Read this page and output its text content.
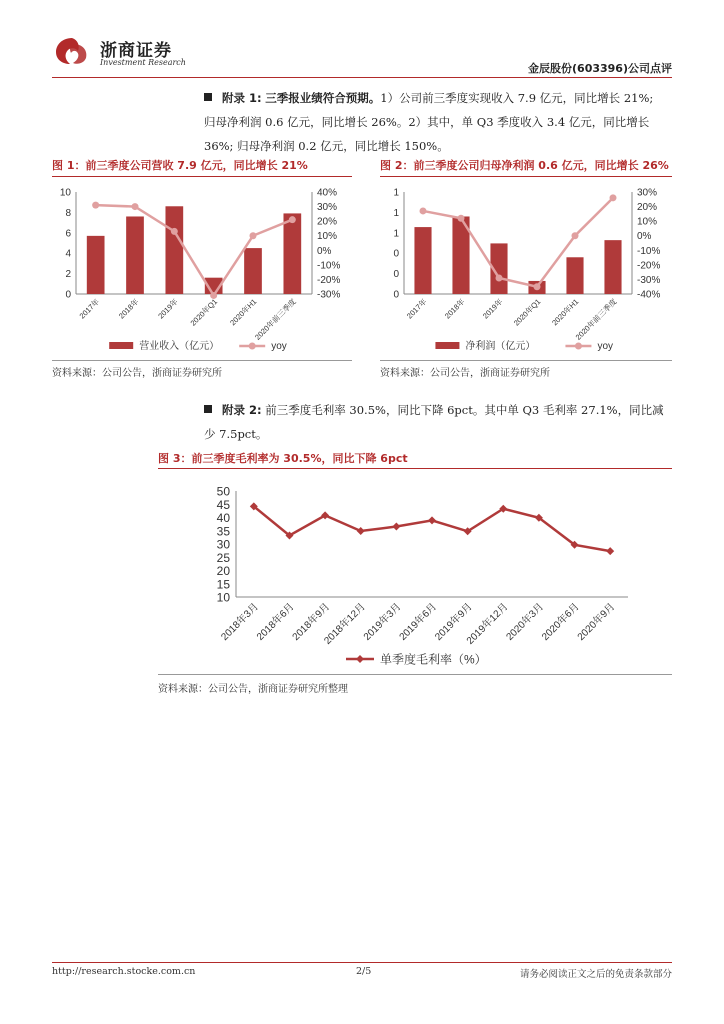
浙商证券
Investment Research	金辰股份(603396)公司点评
附录 1: 三季报业绩符合预期。1）公司前三季度实现收入 7.9 亿元，同比增长 21%;
归母净利润 0.6 亿元，同比增长 26%。2）其中，单 Q3 季度收入 3.4 亿元，同比增长
36%; 归母净利润 0.2 亿元，同比增长 150%。
图 1：前三季度公司营收 7.9 亿元，同比增长 21%
0
2
4
6
8
10
-30%
-20%
-10%
0%
10%
20%
30%
40%
2017年 2018年 2019年 2020年Q1 2020年H1
2020年前三季度
营业收入（亿元）	yoy
资料来源：公司公告，浙商证券研究所
图 2：前三季度公司归母净利润 0.6 亿元，同比增长 26%
0
0
0
1
1
1
-40%
-30%
-20%
-10%
0%
10%
20%
30%
2017年 2018年 2019年 2020年Q1 2020年H1
2020年前三季度
净利润（亿元）	yoy
资料来源：公司公告，浙商证券研究所
附录 2: 前三季度毛利率 30.5%，同比下降 6pct。其中单 Q3 毛利率 27.1%，同比减
少 7.5pct。
图 3：前三季度毛利率为 30.5%，同比下降 6pct
10
15
20
25
30
35
40
45
50
2018年3月
2018年6月
2018年9月
2018年12月
2019年3月
2019年6月
2019年9月
2019年12月
2020年3月
2020年6月
2020年9月
单季度毛利率（%）
资料来源：公司公告，浙商证券研究所整理
http://research.stocke.com.cn	2/5	请务必阅读正文之后的免责条款部分
